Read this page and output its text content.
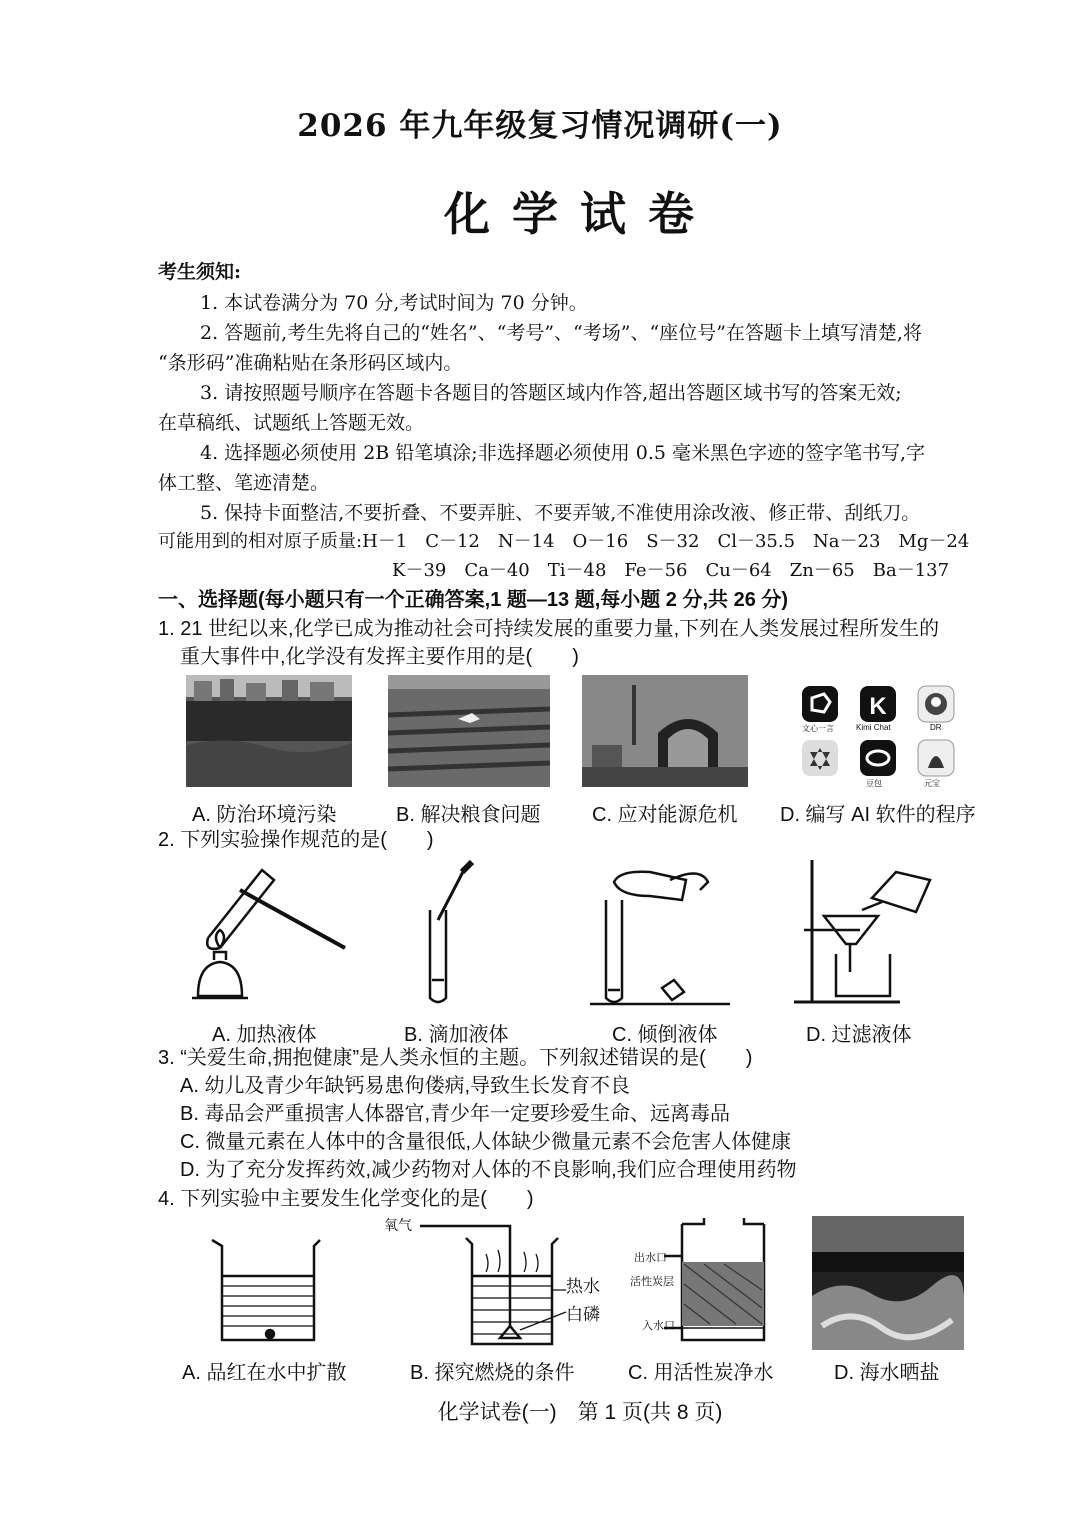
2026 年九年级复习情况调研(一)
化学试卷
考生须知:
1. 本试卷满分为 70 分,考试时间为 70 分钟。
2. 答题前,考生先将自己的“姓名”、“考号”、“考场”、“座位号”在答题卡上填写清楚,将
“条形码”准确粘贴在条形码区域内。
3. 请按照题号顺序在答题卡各题目的答题区域内作答,超出答题区域书写的答案无效;
在草稿纸、试题纸上答题无效。
4. 选择题必须使用 2B 铅笔填涂;非选择题必须使用 0.5 毫米黑色字迹的签字笔书写,字
体工整、笔迹清楚。
5. 保持卡面整洁,不要折叠、不要弄脏、不要弄皱,不准使用涂改液、修正带、刮纸刀。
可能用到的相对原子质量:H－1　C－12　N－14　O－16　S－32　Cl－35.5　Na－23　Mg－24
K－39　Ca－40　Ti－48　Fe－56　Cu－64　Zn－65　Ba－137
一、选择题(每小题只有一个正确答案,1 题—13 题,每小题 2 分,共 26 分)
1. 21 世纪以来,化学已成为推动社会可持续发展的重要力量,下列在人类发展过程所发生的
重大事件中,化学没有发挥主要作用的是(　　)
K
Kimi Chat	DR
文心一言
豆包	元宝
A. 防治环境污染	B. 解决粮食问题	C. 应对能源危机 D. 编写 AI 软件的程序
2. 下列实验操作规范的是(　　)
A. 加热液体	B. 滴加液体	C. 倾倒液体	D. 过滤液体
3. “关爱生命,拥抱健康”是人类永恒的主题。下列叙述错误的是(　　)
A. 幼儿及青少年缺钙易患佝偻病,导致生长发育不良
B. 毒品会严重损害人体器官,青少年一定要珍爱生命、远离毒品
C. 微量元素在人体中的含量很低,人体缺少微量元素不会危害人体健康
D. 为了充分发挥药效,减少药物对人体的不良影响,我们应合理使用药物
4. 下列实验中主要发生化学变化的是(　　)
氧气
热水
白磷
出水口
活性炭层
入水口
A. 品红在水中扩散	B. 探究燃烧的条件	C. 用活性炭净水	D. 海水晒盐
化学试卷(一)　第 1 页(共 8 页)
